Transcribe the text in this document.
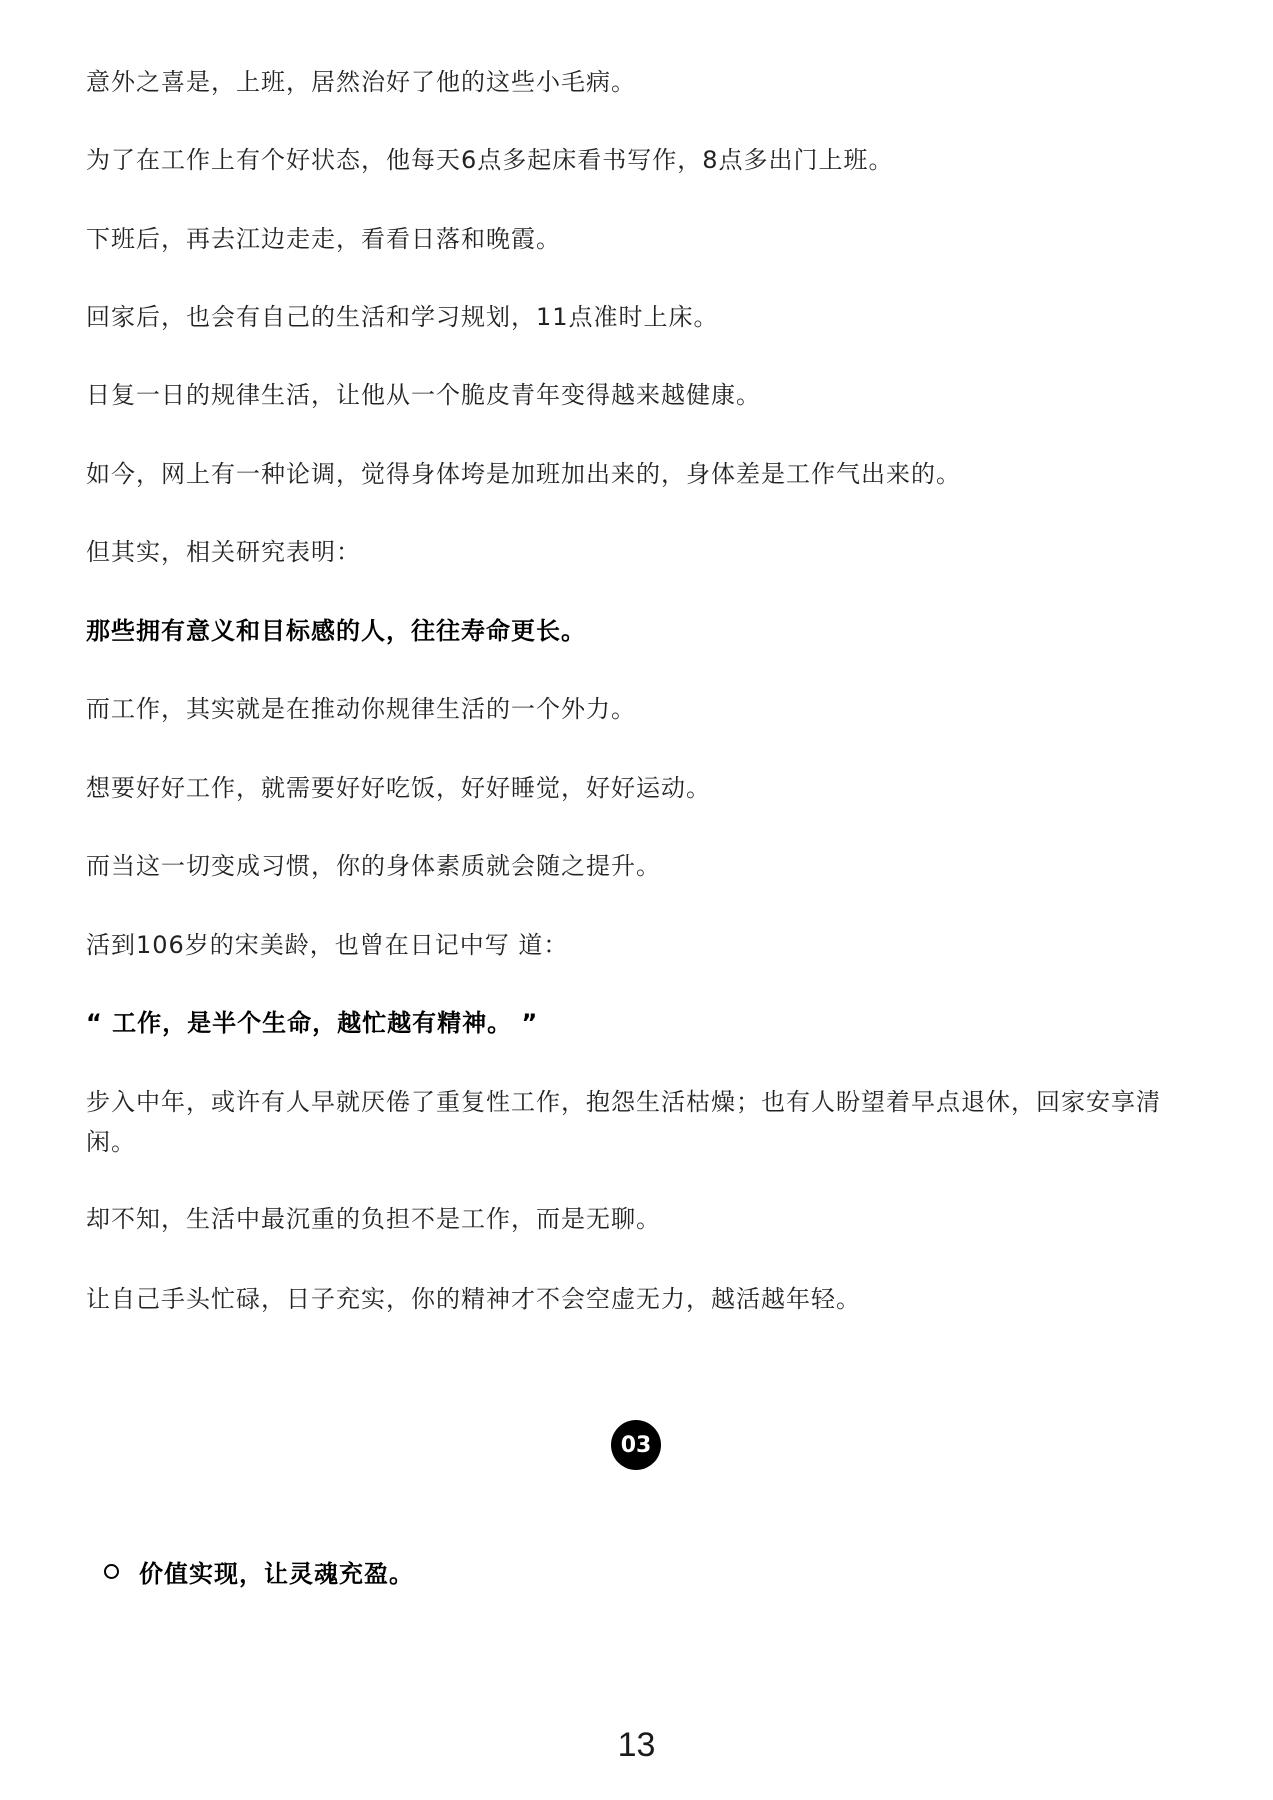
意外之喜是，上班，居然治好了他的这些小毛病。

为了在工作上有个好状态，他每天6点多起床看书写作，8点多出门上班。

下班后，再去江边走走，看看日落和晚霞。

回家后，也会有自己的生活和学习规划，11点准时上床。

日复一日的规律生活，让他从一个脆皮青年变得越来越健康。

如今，网上有一种论调，觉得身体垮是加班加出来的，身体差是工作气出来的。

但其实，相关研究表明：

那些拥有意义和目标感的人，往往寿命更长。

而工作，其实就是在推动你规律生活的一个外力。

想要好好工作，就需要好好吃饭，好好睡觉，好好运动。

而当这一切变成习惯，你的身体素质就会随之提升。

活到106岁的宋美龄，也曾在日记中写 道：

“ 工作，是半个生命，越忙越有精神。 ”

步入中年，或许有人早就厌倦了重复性工作，抱怨生活枯燥；也有人盼望着早点退休，回家安享清闲。

却不知，生活中最沉重的负担不是工作，而是无聊。

让自己手头忙碌，日子充实，你的精神才不会空虚无力，越活越年轻。

03
价值实现，让灵魂充盈。
13
